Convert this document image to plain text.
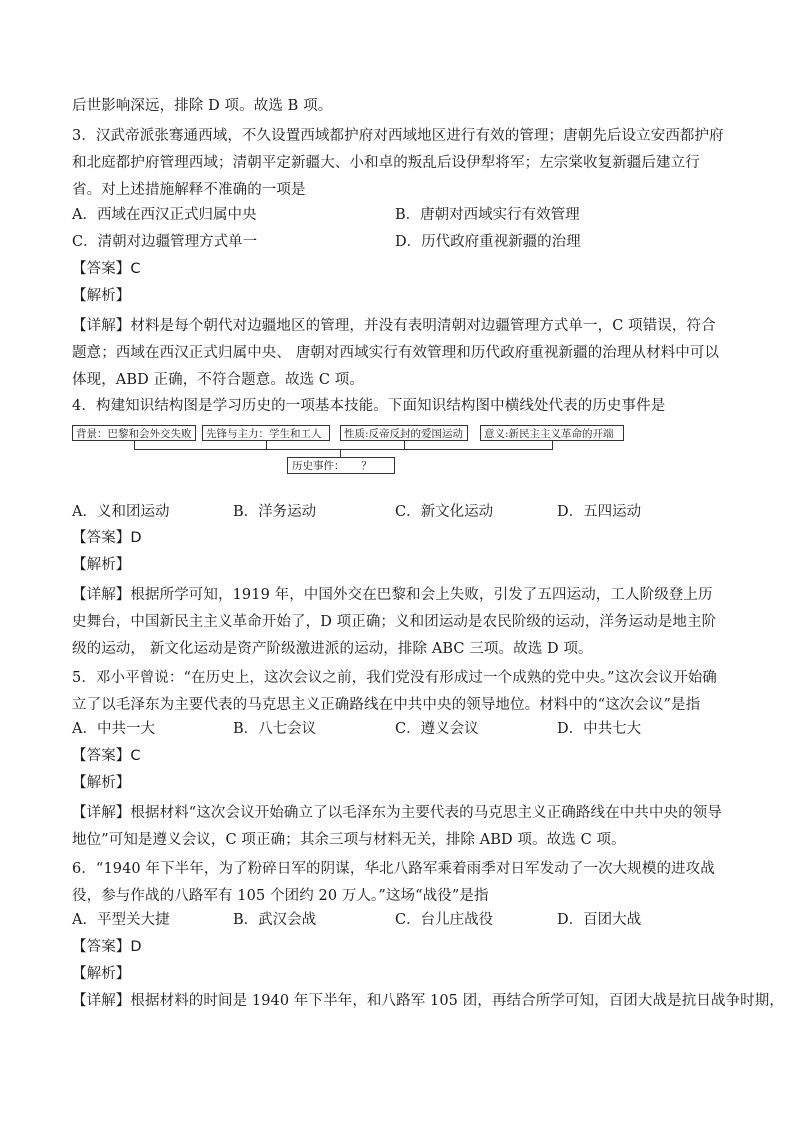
后世影响深远，排除 D 项。故选 B 项。
3．汉武帝派张骞通西域，不久设置西域都护府对西域地区进行有效的管理；唐朝先后设立安西都护府和北庭都护府管理西域；清朝平定新疆大、小和卓的叛乱后设伊犁将军；左宗棠收复新疆后建立行省。对上述措施解释不准确的一项是
A．西域在西汉正式归属中央	B．唐朝对西域实行有效管理
C．清朝对边疆管理方式单一	D．历代政府重视新疆的治理
【答案】C
【解析】
【详解】材料是每个朝代对边疆地区的管理，并没有表明清朝对边疆管理方式单一，C 项错误，符合题意；西域在西汉正式归属中央、 唐朝对西域实行有效管理和历代政府重视新疆的治理从材料中可以体现，ABD 正确，不符合题意。故选 C 项。
4．构建知识结构图是学习历史的一项基本技能。下面知识结构图中横线处代表的历史事件是
背景：巴黎和会外交失败	先锋与主力：学生和工人	性质:反帝反封的爱国运动	意义:新民主主义革命的开端
历史事件： ？
A．义和团运动	B．洋务运动	C．新文化运动	D．五四运动
【答案】D
【解析】
【详解】根据所学可知，1919 年，中国外交在巴黎和会上失败，引发了五四运动，工人阶级登上历史舞台，中国新民主主义革命开始了，D 项正确；义和团运动是农民阶级的运动，洋务运动是地主阶级的运动， 新文化运动是资产阶级激进派的运动，排除 ABC 三项。故选 D 项。
5．邓小平曾说：“在历史上，这次会议之前，我们党没有形成过一个成熟的党中央。”这次会议开始确立了以毛泽东为主要代表的马克思主义正确路线在中共中央的领导地位。材料中的“这次会议”是指
A．中共一大	B．八七会议	C．遵义会议	D．中共七大
【答案】C
【解析】
【详解】根据材料“这次会议开始确立了以毛泽东为主要代表的马克思主义正确路线在中共中央的领导地位”可知是遵义会议，C 项正确；其余三项与材料无关，排除 ABD 项。故选 C 项。
6．“1940 年下半年，为了粉碎日军的阴谋，华北八路军乘着雨季对日军发动了一次大规模的进攻战役，参与作战的八路军有 105 个团约 20 万人。”这场“战役”是指
A．平型关大捷	B．武汉会战	C．台儿庄战役	D．百团大战
【答案】D
【解析】
【详解】根据材料的时间是 1940 年下半年，和八路军 105 团，再结合所学可知，百团大战是抗日战争时期，
